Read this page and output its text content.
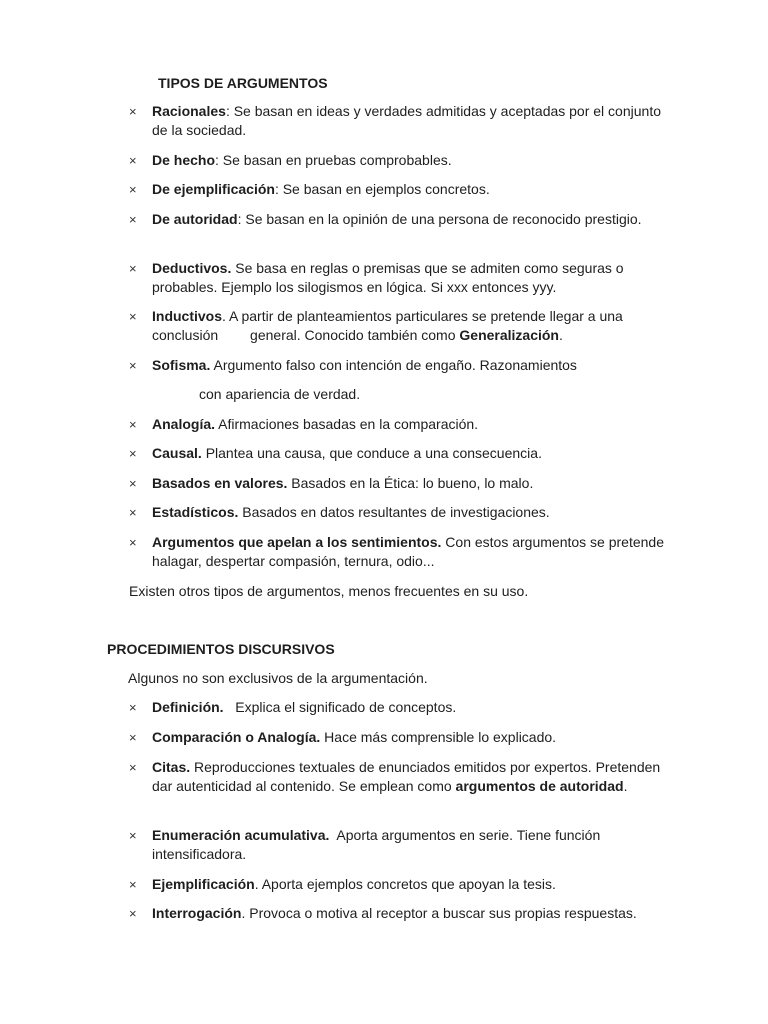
TIPOS DE ARGUMENTOS
× Racionales: Se basan en ideas y verdades admitidas y aceptadas por el conjunto de la sociedad.
× De hecho: Se basan en pruebas comprobables.
× De ejemplificación: Se basan en ejemplos concretos.
× De autoridad: Se basan en la opinión de una persona de reconocido prestigio.
× Deductivos. Se basa en reglas o premisas que se admiten como seguras o probables. Ejemplo los silogismos en lógica. Si xxx entonces yyy.
× Inductivos. A partir de planteamientos particulares se pretende llegar a una conclusión general. Conocido también como Generalización.
× Sofisma. Argumento falso con intención de engaño. Razonamientos
con apariencia de verdad.
× Analogía. Afirmaciones basadas en la comparación.
× Causal. Plantea una causa, que conduce a una consecuencia.
× Basados en valores. Basados en la Ética: lo bueno, lo malo.
× Estadísticos. Basados en datos resultantes de investigaciones.
× Argumentos que apelan a los sentimientos. Con estos argumentos se pretende halagar, despertar compasión, ternura, odio...
Existen otros tipos de argumentos, menos frecuentes en su uso.
PROCEDIMIENTOS DISCURSIVOS
Algunos no son exclusivos de la argumentación.
× Definición.   Explica el significado de conceptos.
× Comparación o Analogía. Hace más comprensible lo explicado.
× Citas. Reproducciones textuales de enunciados emitidos por expertos. Pretenden dar autenticidad al contenido. Se emplean como argumentos de autoridad.
× Enumeración acumulativa.  Aporta argumentos en serie. Tiene función intensificadora.
× Ejemplificación. Aporta ejemplos concretos que apoyan la tesis.
× Interrogación. Provoca o motiva al receptor a buscar sus propias respuestas.
